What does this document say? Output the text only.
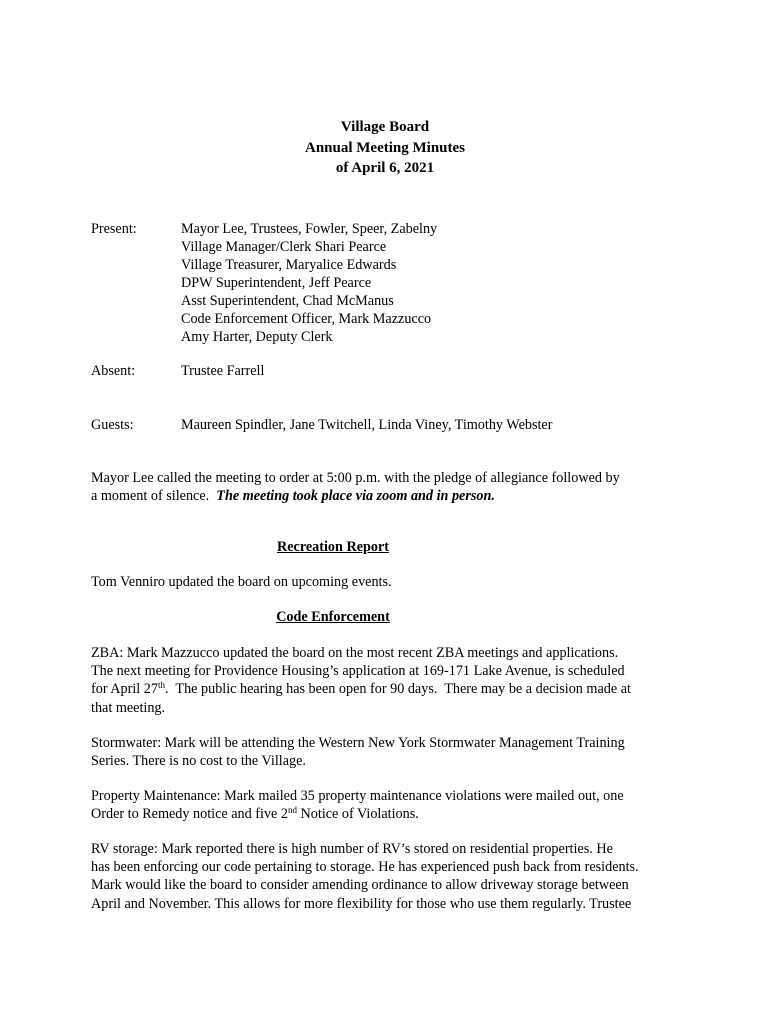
Village Board
Annual Meeting Minutes
of April 6, 2021
Present:	Mayor Lee, Trustees, Fowler, Speer, Zabelny
Village Manager/Clerk Shari Pearce
Village Treasurer, Maryalice Edwards
DPW Superintendent, Jeff Pearce
Asst Superintendent, Chad McManus
Code Enforcement Officer, Mark Mazzucco
Amy Harter, Deputy Clerk
Absent:	Trustee Farrell
Guests:	Maureen Spindler, Jane Twitchell, Linda Viney, Timothy Webster
Mayor Lee called the meeting to order at 5:00 p.m. with the pledge of allegiance followed by
a moment of silence.  The meeting took place via zoom and in person.
Recreation Report
Tom Venniro updated the board on upcoming events.
Code Enforcement
ZBA: Mark Mazzucco updated the board on the most recent ZBA meetings and applications.
The next meeting for Providence Housing’s application at 169-171 Lake Avenue, is scheduled
for April 27th.  The public hearing has been open for 90 days.  There may be a decision made at
that meeting.
Stormwater: Mark will be attending the Western New York Stormwater Management Training
Series. There is no cost to the Village.
Property Maintenance: Mark mailed 35 property maintenance violations were mailed out, one
Order to Remedy notice and five 2nd Notice of Violations.
RV storage: Mark reported there is high number of RV’s stored on residential properties. He
has been enforcing our code pertaining to storage. He has experienced push back from residents.
Mark would like the board to consider amending ordinance to allow driveway storage between
April and November. This allows for more flexibility for those who use them regularly. Trustee
